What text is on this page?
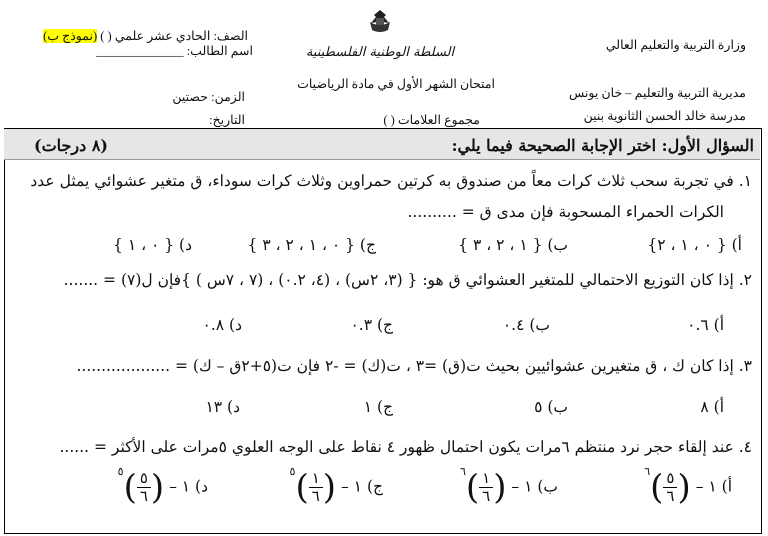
وزارة التربية والتعليم العالي
مديرية التربية والتعليم – خان يونس
مدرسة خالد الحسن الثانوية بنين
الصف: الحادي عشر علمي ( ) (نموذج ب)
اسم الطالب: ______________
الزمن: حصتين
التاريخ:
السلطة الوطنية الفلسطينية
امتحان الشهر الأول في مادة الرياضيات
مجموع العلامات ( )
السؤال الأول: اختر الإجابة الصحيحة فيما يلي:
(٨ درجات)
١. في تجربة سحب ثلاث كرات معاً من صندوق به كرتين حمراوين وثلاث كرات سوداء، ق متغير عشوائي يمثل عدد
الكرات الحمراء المسحوبة فإن مدى ق = ..........
أ) { ٠ ، ١ ، ٢}
ب) { ١ ، ٢ ، ٣ }
ج) { ٠ ، ١ ، ٢ ، ٣ }
د) { ٠ ، ١ }
٢. إذا كان التوزيع الاحتمالي للمتغير العشوائي ق هو: { (٣، ٢س) ، (٤، ٠.٢) ، (٧ ، ٧س ) }فإن ل(٧) = .......
أ) ٠.٦
ب) ٠.٤
ج) ٠.٣
د) ٠.٨
٣. إذا كان ك ، ق متغيرين عشوائيين بحيث ت(ق) =٣ ، ت(ك) = -٢ فإن ت(٥+٢ق – ك) = ...................
أ) ٨
ب) ٥
ج) ١
د) ١٣
٤. عند إلقاء حجر نرد منتظم ٦مرات يكون احتمال ظهور ٤ نقاط على الوجه العلوي ٥مرات على الأكثر = ......
أ) ١ – (
$\frac{٥}{٦}$
)$^٦$
ب) ١ – (
$\frac{١}{٦}$
)$^٦$
ج) ١ – (
$\frac{١}{٦}$
)$^٥$
د) ١ – (
$\frac{٥}{٦}$
)$^٥$
